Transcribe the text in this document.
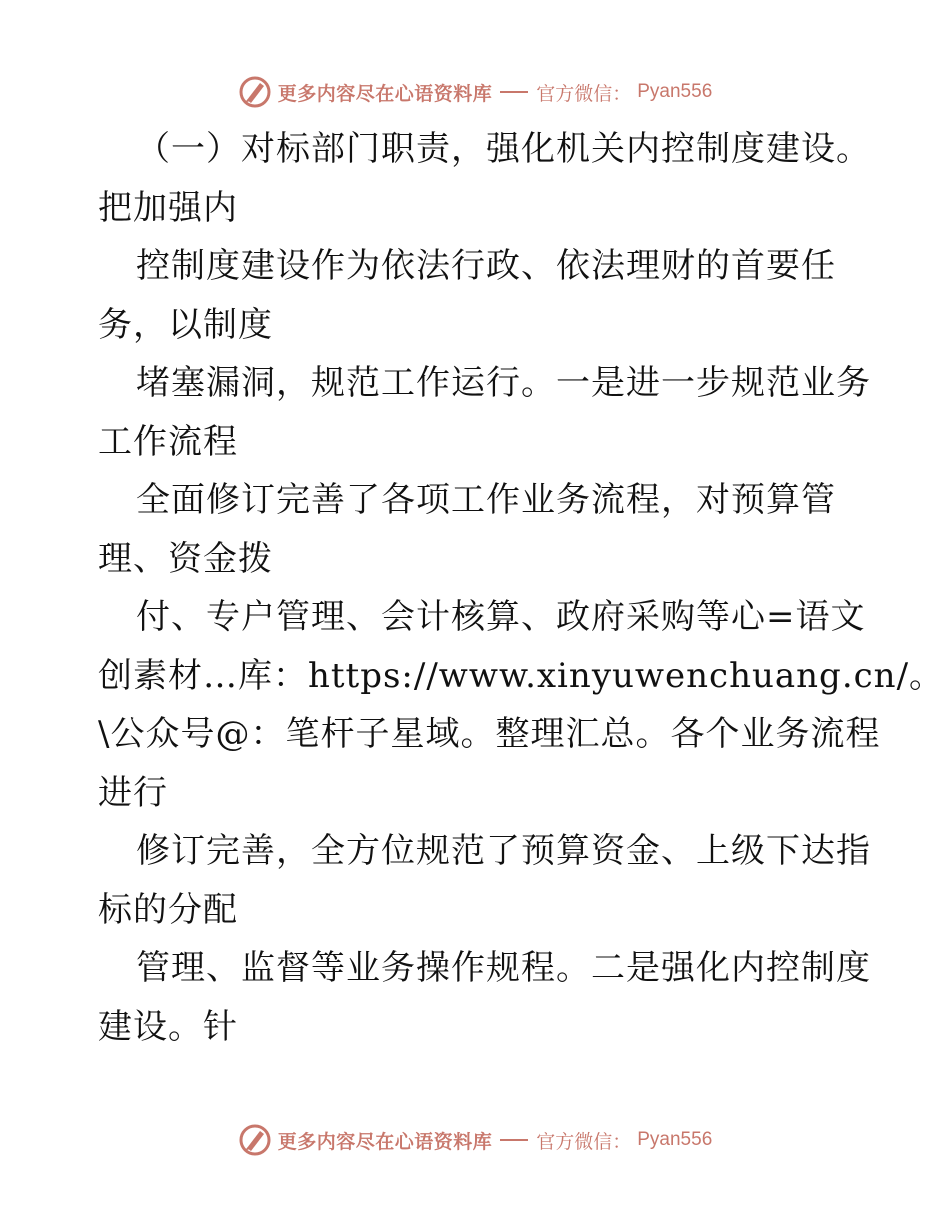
更多内容尽在心语资料库 官方微信： Pyan556
（一）对标部门职责，强化机关内控制度建设。
把加强内
控制度建设作为依法行政、依法理财的首要任
务，以制度
堵塞漏洞，规范工作运行。一是进一步规范业务
工作流程
全面修订完善了各项工作业务流程，对预算管
理、资金拨
付、专户管理、会计核算、政府采购等心=语文
创素材…库：https://www.xinyuwenchuang.cn/。
\公众号@：笔杆子星域。整理汇总。各个业务流程
进行
修订完善，全方位规范了预算资金、上级下达指
标的分配
管理、监督等业务操作规程。二是强化内控制度
建设。针
更多内容尽在心语资料库 官方微信： Pyan556
